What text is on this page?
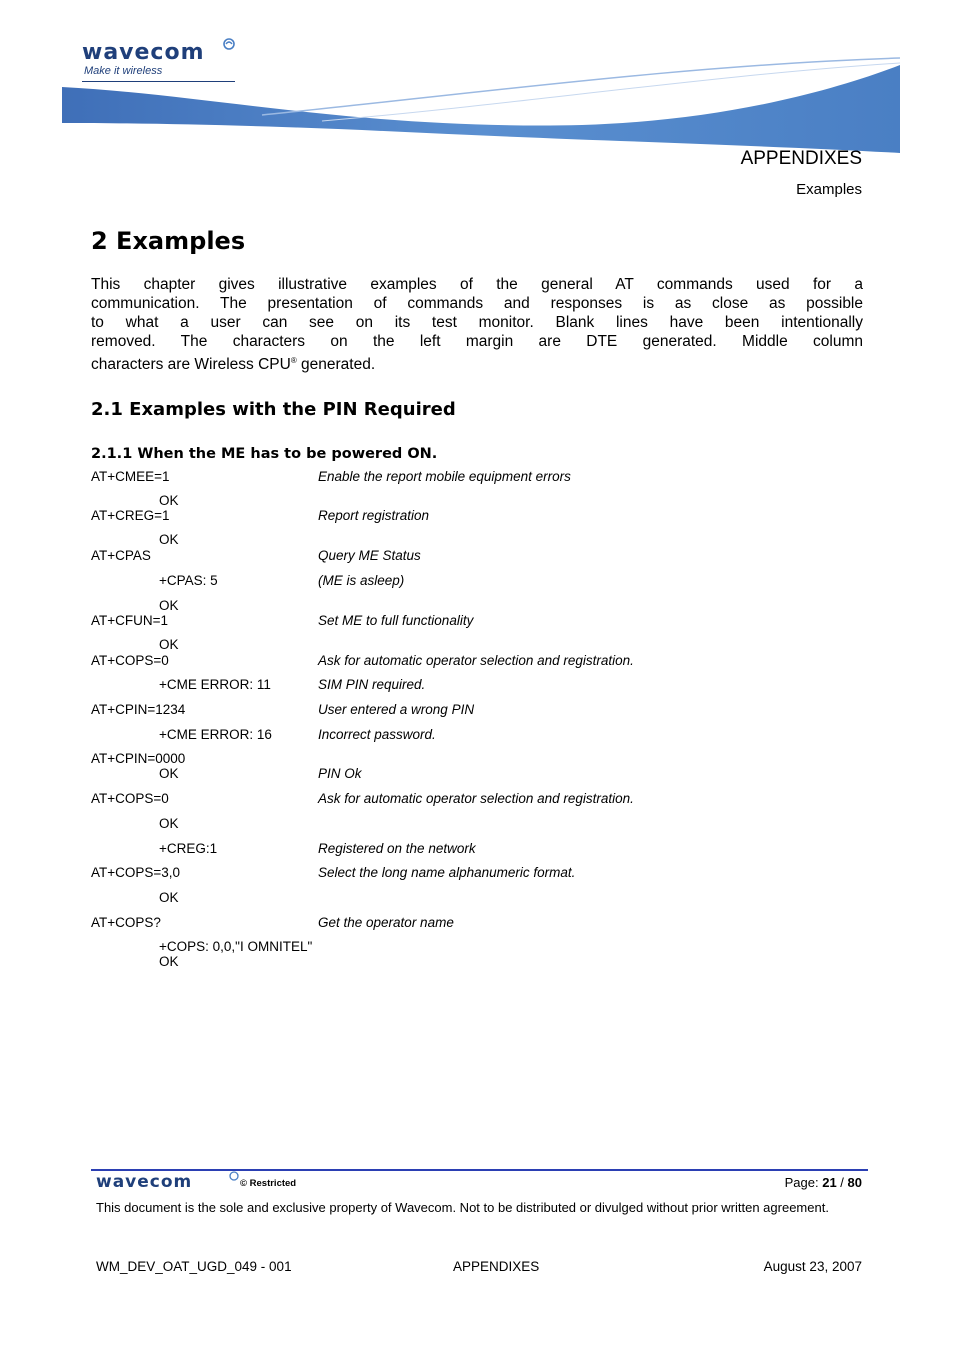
wavecom
Make it wireless
APPENDIXES
Examples
2 Examples
This chapter gives illustrative examples of the general AT commands used for a
communication. The presentation of commands and responses is as close as possible
to what a user can see on its test monitor. Blank lines have been intentionally
removed. The characters on the left margin are DTE generated. Middle column
characters are Wireless CPU® generated.
2.1 Examples with the PIN Required
2.1.1 When the ME has to be powered ON.
AT+CMEE=1	Enable the report mobile equipment errors
OK
AT+CREG=1	Report registration
OK
AT+CPAS	Query ME Status
+CPAS: 5	(ME is asleep)
OK
AT+CFUN=1	Set ME to full functionality
OK
AT+COPS=0	Ask for automatic operator selection and registration.
+CME ERROR: 11	SIM PIN required.
AT+CPIN=1234	User entered a wrong PIN
+CME ERROR: 16	Incorrect password.
AT+CPIN=0000
OK	PIN Ok
AT+COPS=0	Ask for automatic operator selection and registration.
OK
+CREG:1	Registered on the network
AT+COPS=3,0	Select the long name alphanumeric format.
OK
AT+COPS?	Get the operator name
+COPS: 0,0,"I OMNITEL"
OK
wavecom	© Restricted	Page: 21 / 80
This document is the sole and exclusive property of Wavecom. Not to be distributed or divulged without prior written agreement.
WM_DEV_OAT_UGD_049 - 001	APPENDIXES	August 23, 2007
